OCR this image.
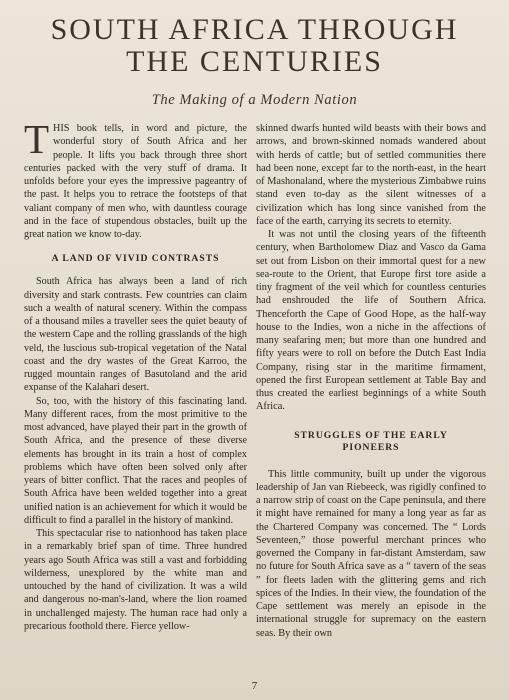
SOUTH AFRICA THROUGH
THE CENTURIES
The Making of a Modern Nation

THIS book tells, in word and picture, the wonderful story of South Africa and her people. It lifts you back through three short centuries packed with the very stuff of drama. It unfolds before your eyes the impressive pageantry of the past. It helps you to retrace the footsteps of that valiant company of men who, with dauntless courage and in the face of stupendous obstacles, built up the great nation we know to-day.

A LAND OF VIVID CONTRASTS

South Africa has always been a land of rich diversity and stark contrasts. Few countries can claim such a wealth of natural scenery. Within the compass of a thousand miles a traveller sees the quiet beauty of the western Cape and the rolling grasslands of the high veld, the luscious sub-tropical vegetation of the Natal coast and the dry wastes of the Great Karroo, the rugged mountain ranges of Basutoland and the arid expanse of the Kalahari desert.

So, too, with the history of this fascinating land. Many different races, from the most primitive to the most advanced, have played their part in the growth of South Africa, and the presence of these diverse elements has brought in its train a host of complex problems which have often been solved only after years of bitter conflict. That the races and peoples of South Africa have been welded together into a great unified nation is an achievement for which it would be difficult to find a parallel in the history of mankind.

This spectacular rise to nationhood has taken place in a remarkably brief span of time. Three hundred years ago South Africa was still a vast and forbidding wilderness, unexplored by the white man and untouched by the hand of civilization. It was a wild and dangerous no-man's-land, where the lion roamed in unchallenged majesty. The human race had only a precarious foothold there. Fierce yellow-

skinned dwarfs hunted wild beasts with their bows and arrows, and brown-skinned nomads wandered about with herds of cattle; but of settled communities there had been none, except far to the north-east, in the heart of Mashonaland, where the mysterious Zimbabwe ruins stand even to-day as the silent witnesses of a civilization which has long since vanished from the face of the earth, carrying its secrets to eternity.

It was not until the closing years of the fifteenth century, when Bartholomew Diaz and Vasco da Gama set out from Lisbon on their immortal quest for a new sea-route to the Orient, that Europe first tore aside a tiny fragment of the veil which for countless centuries had enshrouded the life of Southern Africa. Thenceforth the Cape of Good Hope, as the half-way house to the Indies, won a niche in the affections of many seafaring men; but more than one hundred and fifty years were to roll on before the Dutch East India Company, rising star in the maritime firmament, opened the first European settlement at Table Bay and thus created the earliest beginnings of a white South Africa.

STRUGGLES OF THE EARLY
PIONEERS

This little community, built up under the vigorous leadership of Jan van Riebeeck, was rigidly confined to a narrow strip of coast on the Cape peninsula, and there it might have remained for many a long year as far as the Chartered Company was concerned. The “ Lords Seventeen,” those powerful merchant princes who governed the Company in far-distant Amsterdam, saw no future for South Africa save as a “ tavern of the seas ” for fleets laden with the glittering gems and rich spices of the Indies. In their view, the foundation of the Cape settlement was merely an episode in the international struggle for supremacy on the eastern seas. By their own

7
